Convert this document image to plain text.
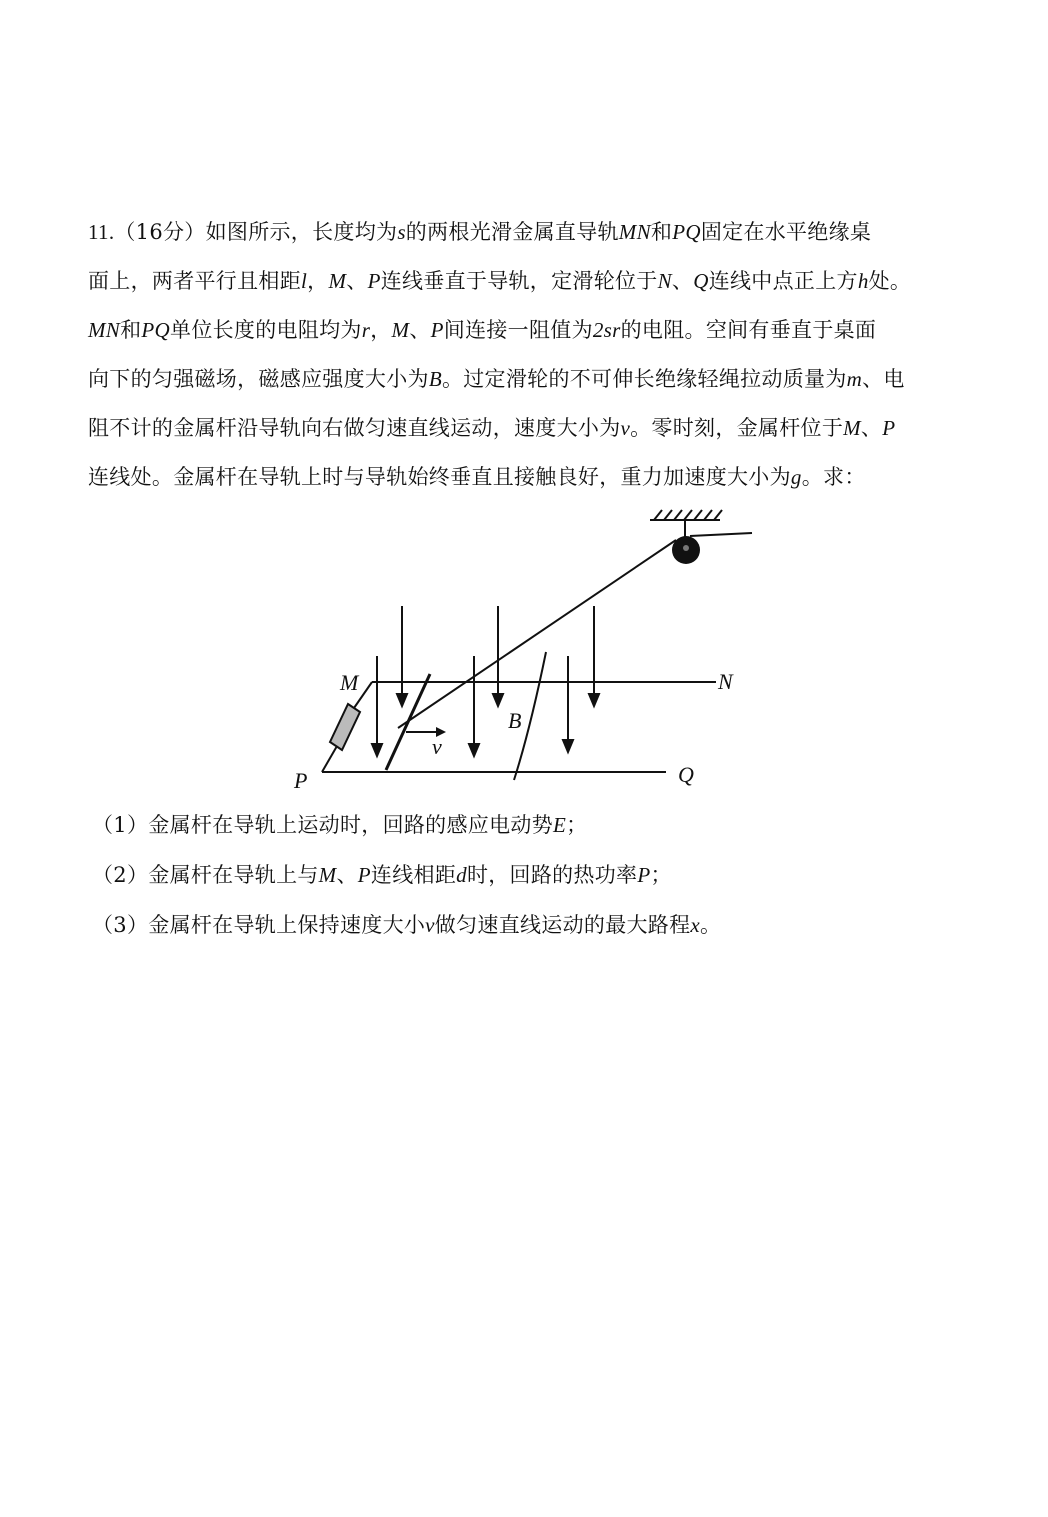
11.（16分）如图所示，长度均为s的两根光滑金属直导轨MN和PQ固定在水平绝缘桌
面上，两者平行且相距l，M、P连线垂直于导轨，定滑轮位于N、Q连线中点正上方h处。
MN和PQ单位长度的电阻均为r，M、P间连接一阻值为2sr的电阻。空间有垂直于桌面
向下的匀强磁场，磁感应强度大小为B。过定滑轮的不可伸长绝缘轻绳拉动质量为m、电
阻不计的金属杆沿导轨向右做匀速直线运动，速度大小为v。零时刻，金属杆位于M、P
连线处。金属杆在导轨上时与导轨始终垂直且接触良好，重力加速度大小为g。求：
M	N
P	Q
B
v
（1）金属杆在导轨上运动时，回路的感应电动势E；
（2）金属杆在导轨上与M、P连线相距d时，回路的热功率P；
（3）金属杆在导轨上保持速度大小v做匀速直线运动的最大路程x。
